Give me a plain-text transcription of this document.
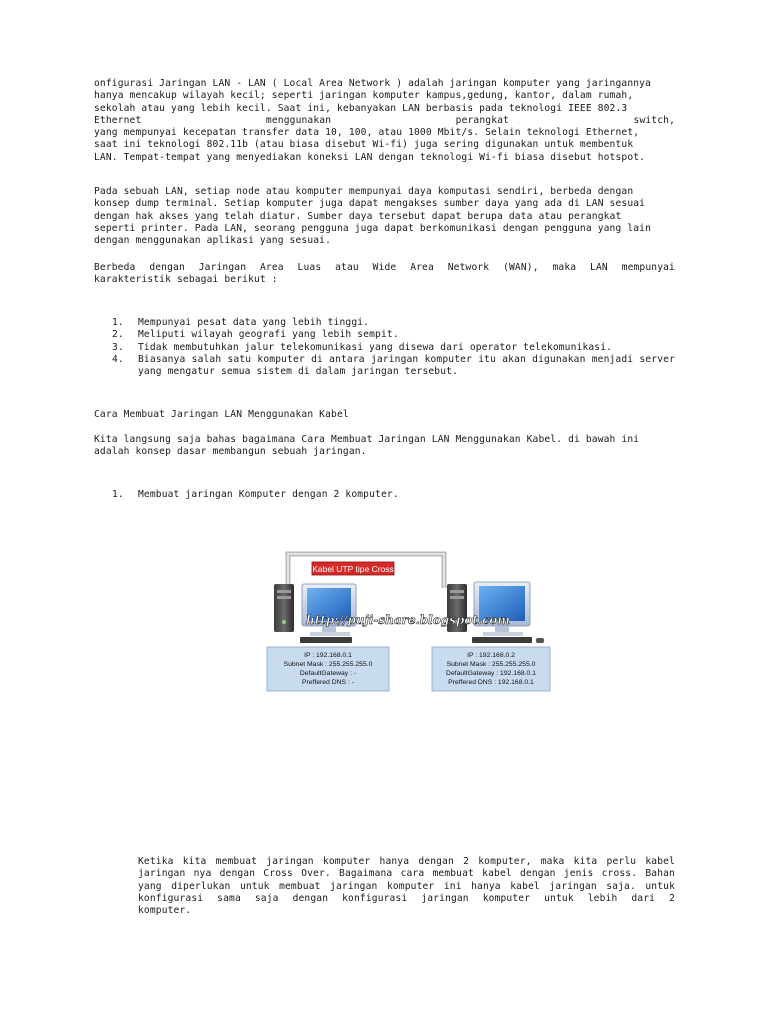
onfigurasi Jaringan LAN - LAN ( Local Area Network ) adalah jaringan komputer yang jaringannya
hanya mencakup wilayah kecil; seperti jaringan komputer kampus,gedung, kantor, dalam rumah,
sekolah atau yang lebih kecil. Saat ini, kebanyakan LAN berbasis pada teknologi IEEE 802.3
Ethernet menggunakan perangkat switch,
yang mempunyai kecepatan transfer data 10, 100, atau 1000 Mbit/s. Selain teknologi Ethernet,
saat ini teknologi 802.11b (atau biasa disebut Wi-fi) juga sering digunakan untuk membentuk
LAN. Tempat-tempat yang menyediakan koneksi LAN dengan teknologi Wi-fi biasa disebut hotspot.
Pada sebuah LAN, setiap node atau komputer mempunyai daya komputasi sendiri, berbeda dengan
konsep dump terminal. Setiap komputer juga dapat mengakses sumber daya yang ada di LAN sesuai
dengan hak akses yang telah diatur. Sumber daya tersebut dapat berupa data atau perangkat
seperti printer. Pada LAN, seorang pengguna juga dapat berkomunikasi dengan pengguna yang lain
dengan menggunakan aplikasi yang sesuai.
Berbeda dengan Jaringan Area Luas atau Wide Area Network (WAN), maka LAN mempunyai
karakteristik sebagai berikut :
1. Mempunyai pesat data yang lebih tinggi.
2. Meliputi wilayah geografi yang lebih sempit.
3. Tidak membutuhkan jalur telekomunikasi yang disewa dari operator telekomunikasi.
4. Biasanya salah satu komputer di antara jaringan komputer itu akan digunakan menjadi server yang mengatur semua sistem di dalam jaringan tersebut.
Cara Membuat Jaringan LAN Menggunakan Kabel
Kita langsung saja bahas bagaimana Cara Membuat Jaringan LAN Menggunakan Kabel. di bawah ini
adalah konsep dasar membangun sebuah jaringan.
1. Membuat jaringan Komputer dengan 2 komputer.
Kabel UTP tipe Cross
http://puji-share.blogspot.com
IP : 192.168.0.1
Subnet Mask : 255.255.255.0
DefaultGateway : -
Preffered DNS : -
IP : 192.168.0.2
Subnet Mask : 255.255.255.0
DefaultGateway : 192.168.0.1
Preffered DNS : 192.168.0.1
Ketika kita membuat jaringan komputer hanya dengan 2 komputer, maka kita perlu kabel
jaringan nya dengan Cross Over. Bagaimana cara membuat kabel dengan jenis cross. Bahan
yang diperlukan untuk membuat jaringan komputer ini hanya kabel jaringan saja. untuk
konfigurasi sama saja dengan konfigurasi jaringan komputer untuk lebih dari 2
komputer.
